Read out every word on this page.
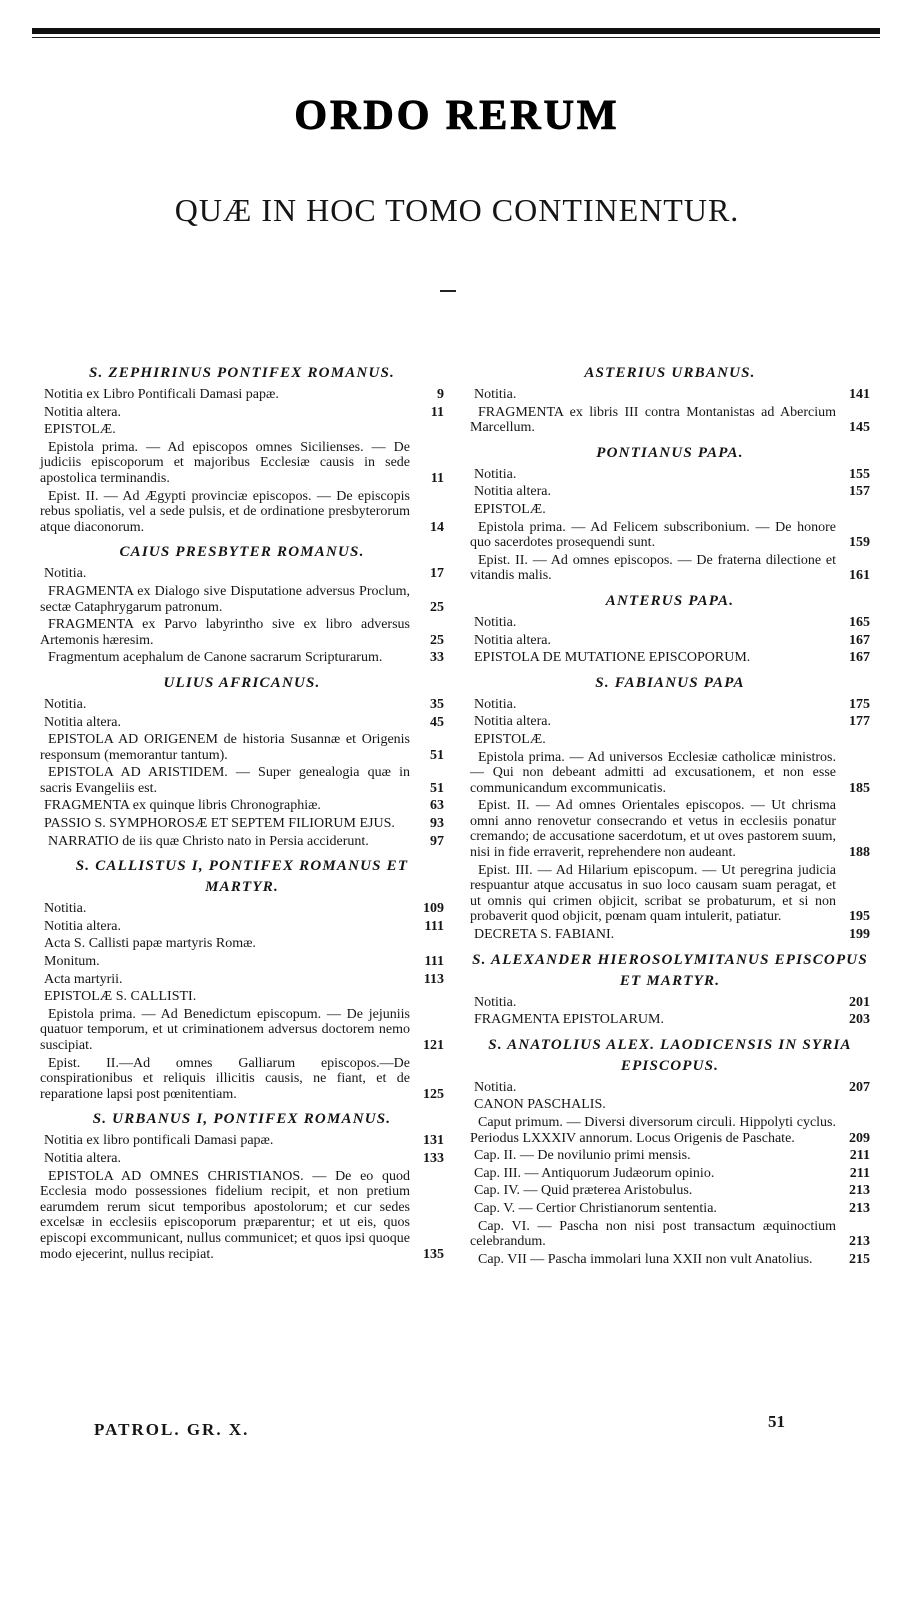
ORDO RERUM
QUÆ IN HOC TOMO CONTINENTUR.
S. ZEPHIRINUS PONTIFEX ROMANUS.
Notitia ex Libro Pontificali Damasi papæ.	9
Notitia altera.	11
EPISTOLÆ.
Epistola prima. — Ad episcopos omnes Sicilienses. — De judiciis episcoporum et majoribus Ecclesiæ causis in sede apostolica terminandis.	11
Epist. II. — Ad Ægypti provinciæ episcopos. — De episcopis rebus spoliatis, vel a sede pulsis, et de ordinatione presbyterorum atque diaconorum.	14
CAIUS PRESBYTER ROMANUS.
Notitia.	17
FRAGMENTA ex Dialogo sive Disputatione adversus Proclum, sectæ Cataphrygarum patronum.	25
FRAGMENTA ex Parvo labyrintho sive ex libro adversus Artemonis hæresim.	25
Fragmentum acephalum de Canone sacrarum Scripturarum.	33
ULIUS AFRICANUS.
Notitia.	35
Notitia altera.	45
EPISTOLA AD ORIGENEM de historia Susannæ et Origenis responsum (memorantur tantum).	51
EPISTOLA AD ARISTIDEM. — Super genealogia quæ in sacris Evangeliis est.	51
FRAGMENTA ex quinque libris Chronographiæ.	63
PASSIO S. SYMPHOROSÆ ET SEPTEM FILIORUM EJUS.	93
NARRATIO de iis quæ Christo nato in Persia acciderunt.	97
S. CALLISTUS I, PONTIFEX ROMANUS ET MARTYR.
Notitia.	109
Notitia altera.	111
Acta S. Callisti papæ martyris Romæ.
Monitum.	111
Acta martyrii.	113
EPISTOLÆ S. CALLISTI.
Epistola prima. — Ad Benedictum episcopum. — De jejuniis quatuor temporum, et ut criminationem adversus doctorem nemo suscipiat.	121
Epist. II.—Ad omnes Galliarum episcopos.—De conspirationibus et reliquis illicitis causis, ne fiant, et de reparatione lapsi post pœnitentiam.	125
S. URBANUS I, PONTIFEX ROMANUS.
Notitia ex libro pontificali Damasi papæ.	131
Notitia altera.	133
EPISTOLA AD OMNES CHRISTIANOS. — De eo quod Ecclesia modo possessiones fidelium recipit, et non pretium earumdem rerum sicut temporibus apostolorum; et cur sedes excelsæ in ecclesiis episcoporum præparentur; et ut eis, quos episcopi excommunicant, nullus communicet; et quos ipsi quoque modo ejecerint, nullus recipiat.	135
ASTERIUS URBANUS.
Notitia.	141
FRAGMENTA ex libris III contra Montanistas ad Abercium Marcellum.	145
PONTIANUS PAPA.
Notitia.	155
Notitia altera.	157
EPISTOLÆ.
Epistola prima. — Ad Felicem subscribonium. — De honore quo sacerdotes prosequendi sunt.	159
Epist. II. — Ad omnes episcopos. — De fraterna dilectione et vitandis malis.	161
ANTERUS PAPA.
Notitia.	165
Notitia altera.	167
EPISTOLA DE MUTATIONE EPISCOPORUM.	167
S. FABIANUS PAPA
Notitia.	175
Notitia altera.	177
EPISTOLÆ.
Epistola prima. — Ad universos Ecclesiæ catholicæ ministros. — Qui non debeant admitti ad excusationem, et non esse communicandum excommunicatis.	185
Epist. II. — Ad omnes Orientales episcopos. — Ut chrisma omni anno renovetur consecrando et vetus in ecclesiis ponatur cremando; de accusatione sacerdotum, et ut oves pastorem suum, nisi in fide erraverit, reprehendere non audeant.	188
Epist. III. — Ad Hilarium episcopum. — Ut peregrina judicia respuantur atque accusatus in suo loco causam suam peragat, et ut omnis qui crimen objicit, scribat se probaturum, et si non probaverit quod objicit, pœnam quam intulerit, patiatur.	195
DECRETA S. FABIANI.	199
S. ALEXANDER HIEROSOLYMITANUS EPISCOPUS ET MARTYR.
Notitia.	201
FRAGMENTA EPISTOLARUM.	203
S. ANATOLIUS ALEX. LAODICENSIS IN SYRIA EPISCOPUS.
Notitia.	207
CANON PASCHALIS.
Caput primum. — Diversi diversorum circuli. Hippolyti cyclus. Periodus LXXXIV annorum. Locus Origenis de Paschate.	209
Cap. II. — De novilunio primi mensis.	211
Cap. III. — Antiquorum Judæorum opinio.	211
Cap. IV. — Quid præterea Aristobulus.	213
Cap. V. — Certior Christianorum sententia.	213
Cap. VI. — Pascha non nisi post transactum æquinoctium celebrandum.	213
Cap. VII — Pascha immolari luna XXII non vult Anatolius.	215
PATROL. GR. X.	51
